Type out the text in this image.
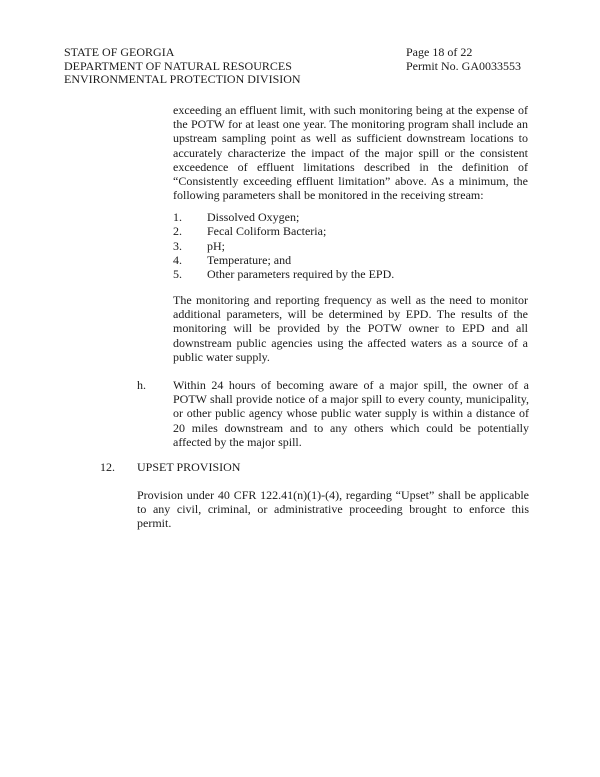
STATE OF GEORGIA
DEPARTMENT OF NATURAL RESOURCES
ENVIRONMENTAL PROTECTION DIVISION
Page 18 of 22
Permit No. GA0033553

exceeding an effluent limit, with such monitoring being at the expense of the POTW for at least one year. The monitoring program shall include an upstream sampling point as well as sufficient downstream locations to accurately characterize the impact of the major spill or the consistent exceedence of effluent limitations described in the definition of “Consistently exceeding effluent limitation” above. As a minimum, the following parameters shall be monitored in the receiving stream:

1.	Dissolved Oxygen;
2.	Fecal Coliform Bacteria;
3.	pH;
4.	Temperature; and
5.	Other parameters required by the EPD.

The monitoring and reporting frequency as well as the need to monitor additional parameters, will be determined by EPD. The results of the monitoring will be provided by the POTW owner to EPD and all downstream public agencies using the affected waters as a source of a public water supply.

h. Within 24 hours of becoming aware of a major spill, the owner of a POTW shall provide notice of a major spill to every county, municipality, or other public agency whose public water supply is within a distance of 20 miles downstream and to any others which could be potentially affected by the major spill.

12. UPSET PROVISION

Provision under 40 CFR 122.41(n)(1)-(4), regarding “Upset” shall be applicable to any civil, criminal, or administrative proceeding brought to enforce this permit.
